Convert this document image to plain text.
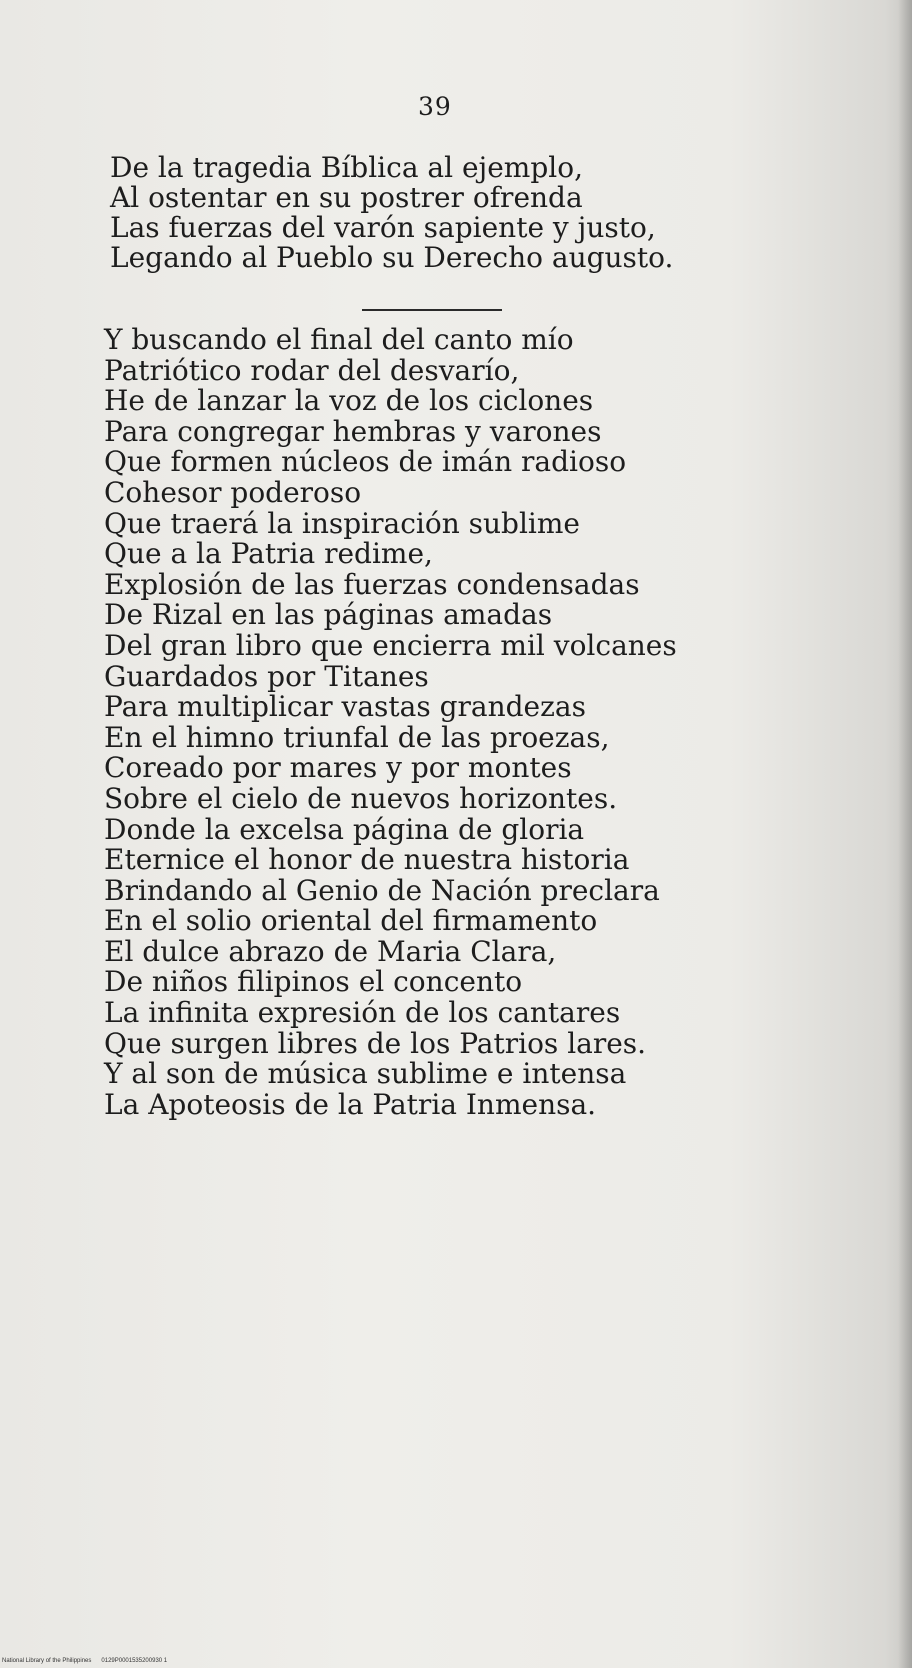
39
De la tragedia Bíblica al ejemplo,
Al ostentar en su postrer ofrenda
Las fuerzas del varón sapiente y justo,
Legando al Pueblo su Derecho augusto.
Y buscando el final del canto mío
Patriótico rodar del desvarío,
He de lanzar la voz de los ciclones
Para congregar hembras y varones
Que formen núcleos de imán radioso
Cohesor poderoso
Que traerá la inspiración sublime
Que a la Patria redime,
Explosión de las fuerzas condensadas
De Rizal en las páginas amadas
Del gran libro que encierra mil volcanes
Guardados por Titanes
Para multiplicar vastas grandezas
En el himno triunfal de las proezas,
Coreado por mares y por montes
Sobre el cielo de nuevos horizontes.
Donde la excelsa página de gloria
Eternice el honor de nuestra historia
Brindando al Genio de Nación preclara
En el solio oriental del firmamento
El dulce abrazo de Maria Clara,
De niños filipinos el concento
La infinita expresión de los cantares
Que surgen libres de los Patrios lares.
Y al son de música sublime e intensa
La Apoteosis de la Patria Inmensa.
National Library of the Philippines 0129P0001535200930 1
